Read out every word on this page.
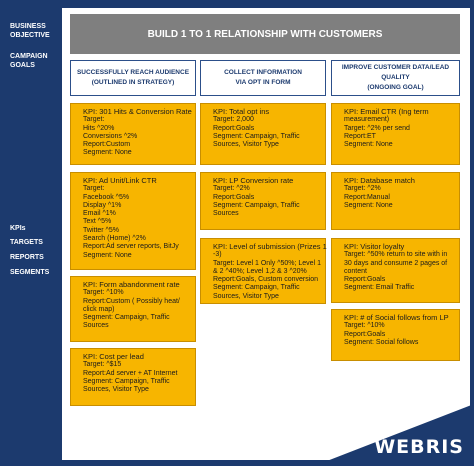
BUSINESS OBJECTIVE
CAMPAIGN GOALS
KPIs
TARGETS
REPORTS
SEGMENTS
BUILD 1 TO 1 RELATIONSHIP WITH CUSTOMERS
SUCCESSFULLY REACH AUDIENCE
(OUTLINED IN STRATEGY)
COLLECT INFORMATION
VIA OPT IN FORM
IMPROVE CUSTOMER DATA/LEAD QUALITY
(ONGOING GOAL)
KPI: 301 Hits & Conversion Rate
Target:
Hits ^20%
Conversions ^2%
Report:Custom
Segment: None
KPI: Ad Unit/Link CTR
Target:
Facebook ^5%
Display ^1%
Email ^1%
Text ^5%
Twitter ^5%
Search (Home) ^2%
Report:Ad server reports, BitJy
Segment: None
KPI: Form abandonment rate
Target: ^10%
Report:Custom ( Possibly heat/
click map)
Segment: Campaign, Traffic
Sources
KPI: Cost per lead
Target: ^$15
Report:Ad server + AT Internet
Segment: Campaign, Traffic
Sources, Visitor Type
KPI: Total opt ins
Target: 2,000
Report:Goals
Segment: Campaign, Traffic
Sources, Visitor Type
KPI: LP Conversion rate
Target: ^2%
Report:Goals
Segment: Campaign, Traffic
Sources
KPI: Level of submission (Prizes 1
-3)
Target: Level 1 Only ^50%; Level 1
& 2 ^40%; Level 1,2 & 3 ^20%
Report:Goals, Custom conversion
Segment: Campaign, Traffic
Sources, Visitor Type
KPI: Email CTR (Ing term
measurement)
Target: ^2% per send
Report:ET
Segment: None
KPI: Database match
Target: ^2%
Report:Manual
Segment: None
KPI: Visitor loyalty
Target: ^50% return to site with in
30 days and consume 2 pages of
content
Report:Goals
Segment: Email Traffic
KPI: # of Social follows from LP
Target: ^10%
Report:Goals
Segment: Social follows
WEBRIS
